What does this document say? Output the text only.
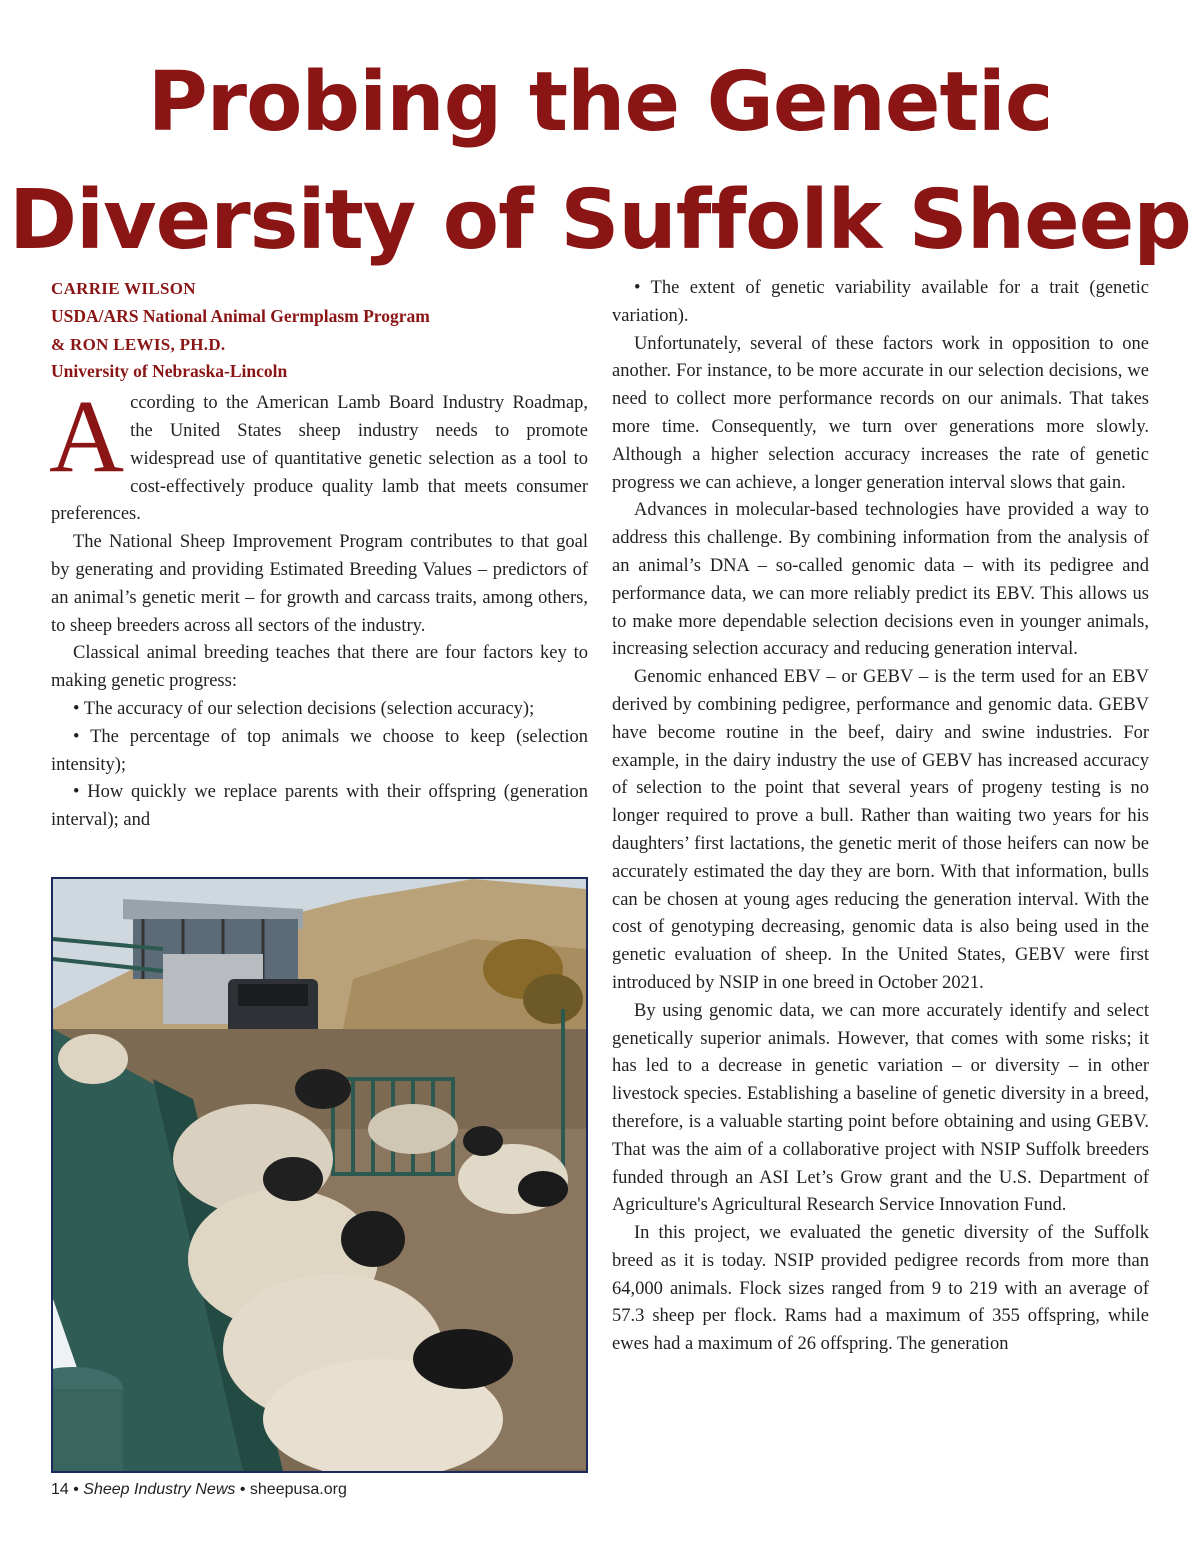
Probing the Genetic
Diversity of Suffolk Sheep

CARRIE WILSON

USDA/ARS National Animal Germplasm Program

& RON LEWIS, PH.D.

University of Nebraska-Lincoln

A ccording to the American Lamb Board Industry Roadmap, the United States sheep industry needs to promote widespread use of quantitative genetic selection as a tool to cost-effectively produce quality lamb that meets consumer preferences.

The National Sheep Improvement Program contributes to that goal by generating and providing Estimated Breeding Values – predictors of an animal’s genetic merit – for growth and carcass traits, among others, to sheep breeders across all sectors of the industry.

Classical animal breeding teaches that there are four factors key to making genetic progress:

• The accuracy of our selection decisions (selection accuracy);

• The percentage of top animals we choose to keep (selection intensity);

• How quickly we replace parents with their offspring (generation interval); and

• The extent of genetic variability available for a trait (genetic variation).

Unfortunately, several of these factors work in opposition to one another. For instance, to be more accurate in our selection decisions, we need to collect more performance records on our animals. That takes more time. Consequently, we turn over generations more slowly. Although a higher selection accuracy increases the rate of genetic progress we can achieve, a longer generation interval slows that gain.

Advances in molecular-based technologies have provided a way to address this challenge. By combining information from the analysis of an animal’s DNA – so-called genomic data – with its pedigree and performance data, we can more reliably predict its EBV. This allows us to make more dependable selection decisions even in younger animals, increasing selection accuracy and reducing generation interval.

Genomic enhanced EBV – or GEBV – is the term used for an EBV derived by combining pedigree, performance and genomic data. GEBV have become routine in the beef, dairy and swine industries. For example, in the dairy industry the use of GEBV has increased accuracy of selection to the point that several years of progeny testing is no longer required to prove a bull. Rather than waiting two years for his daughters’ first lactations, the genetic merit of those heifers can now be accurately estimated the day they are born. With that information, bulls can be chosen at young ages reducing the generation interval. With the cost of genotyping decreasing, genomic data is also being used in the genetic evaluation of sheep. In the United States, GEBV were first introduced by NSIP in one breed in October 2021.

By using genomic data, we can more accurately identify and select genetically superior animals. However, that comes with some risks; it has led to a decrease in genetic variation – or diversity – in other livestock species. Establishing a baseline of genetic diversity in a breed, therefore, is a valuable starting point before obtaining and using GEBV. That was the aim of a collaborative project with NSIP Suffolk breeders funded through an ASI Let’s Grow grant and the U.S. Department of Agriculture's Agricultural Research Service Innovation Fund.

In this project, we evaluated the genetic diversity of the Suffolk breed as it is today. NSIP provided pedigree records from more than 64,000 animals. Flock sizes ranged from 9 to 219 with an average of 57.3 sheep per flock. Rams had a maximum of 355 offspring, while ewes had a maximum of 26 offspring. The generation

14 • Sheep Industry News • sheepusa.org
